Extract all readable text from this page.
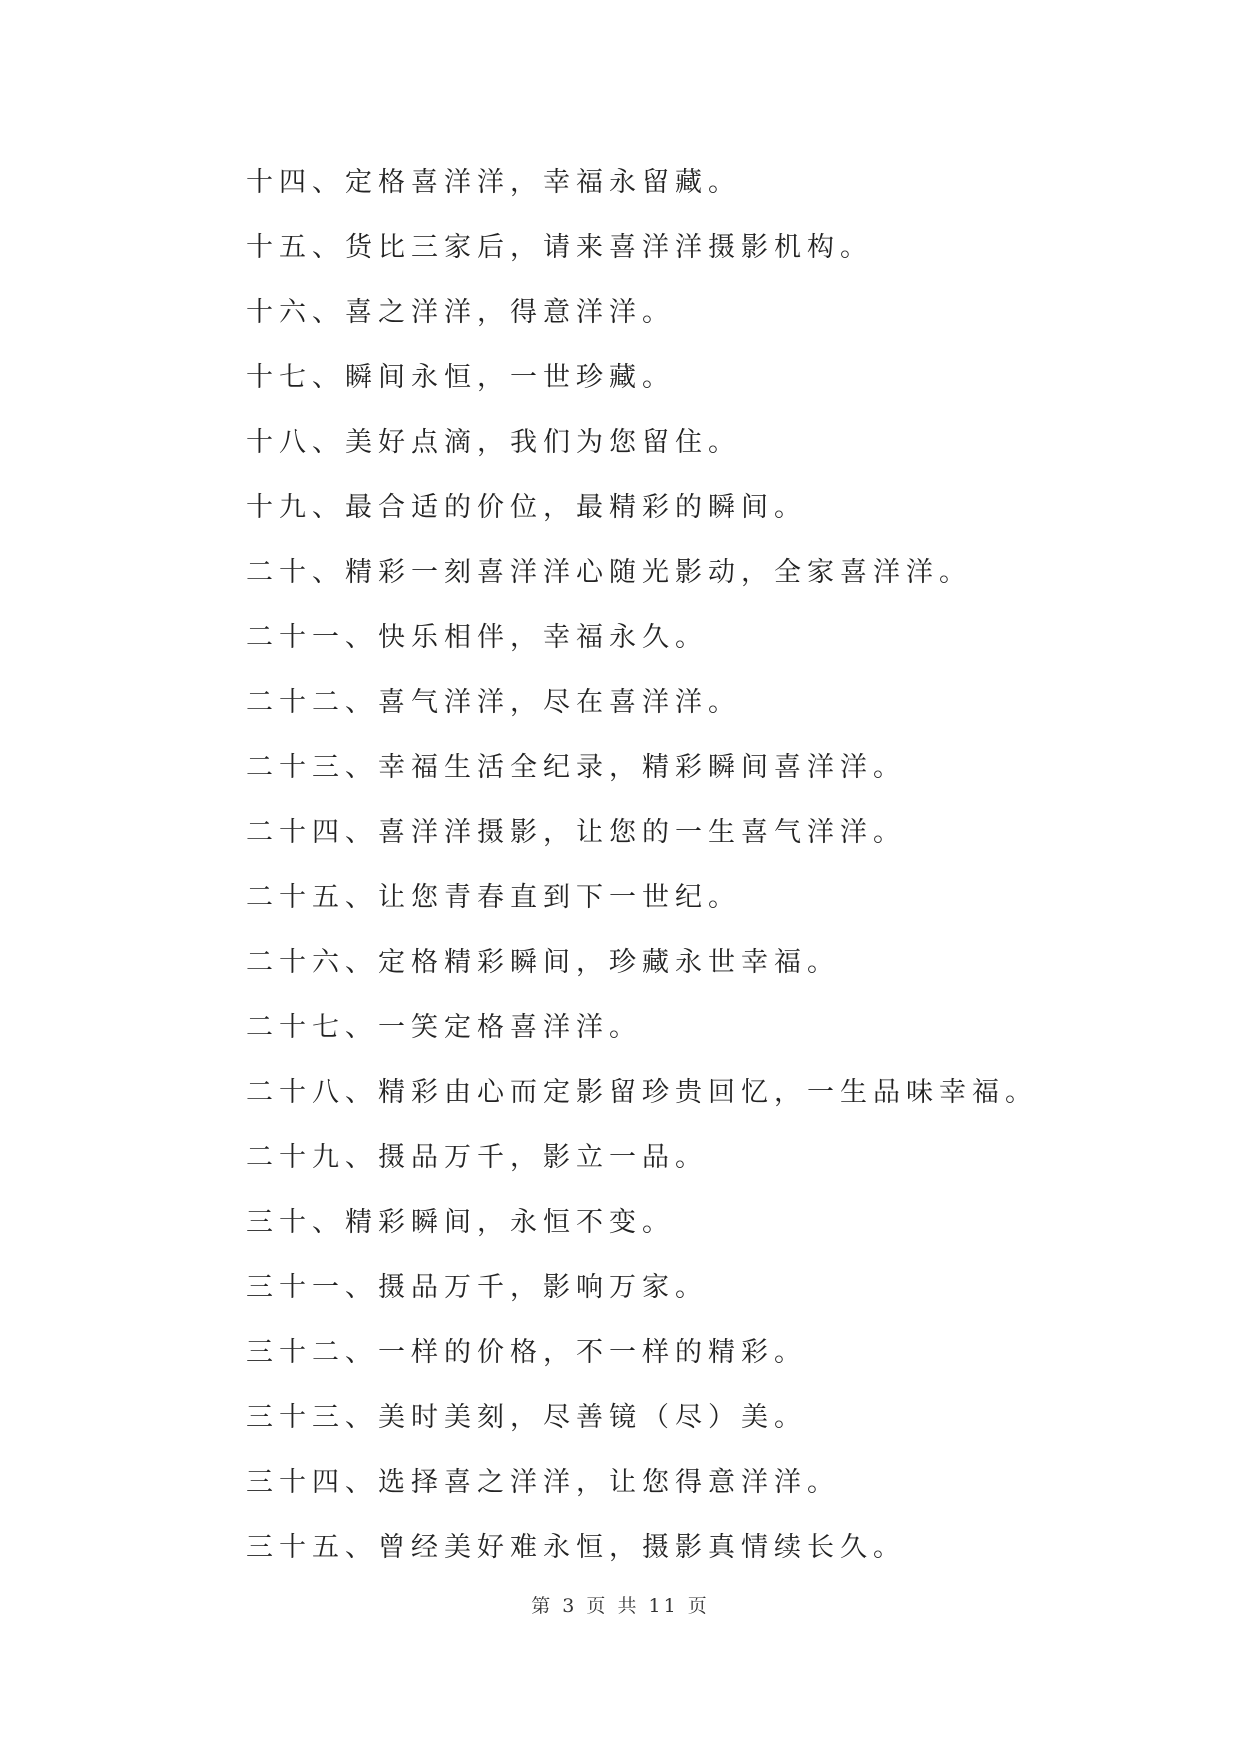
十四、定格喜洋洋，幸福永留藏。
十五、货比三家后，请来喜洋洋摄影机构。
十六、喜之洋洋，得意洋洋。
十七、瞬间永恒，一世珍藏。
十八、美好点滴，我们为您留住。
十九、最合适的价位，最精彩的瞬间。
二十、精彩一刻喜洋洋心随光影动，全家喜洋洋。
二十一、快乐相伴，幸福永久。
二十二、喜气洋洋，尽在喜洋洋。
二十三、幸福生活全纪录，精彩瞬间喜洋洋。
二十四、喜洋洋摄影，让您的一生喜气洋洋。
二十五、让您青春直到下一世纪。
二十六、定格精彩瞬间，珍藏永世幸福。
二十七、一笑定格喜洋洋。
二十八、精彩由心而定影留珍贵回忆，一生品味幸福。
二十九、摄品万千，影立一品。
三十、精彩瞬间，永恒不变。
三十一、摄品万千，影响万家。
三十二、一样的价格，不一样的精彩。
三十三、美时美刻，尽善镜（尽）美。
三十四、选择喜之洋洋，让您得意洋洋。
三十五、曾经美好难永恒，摄影真情续长久。
第 3 页 共 11 页
